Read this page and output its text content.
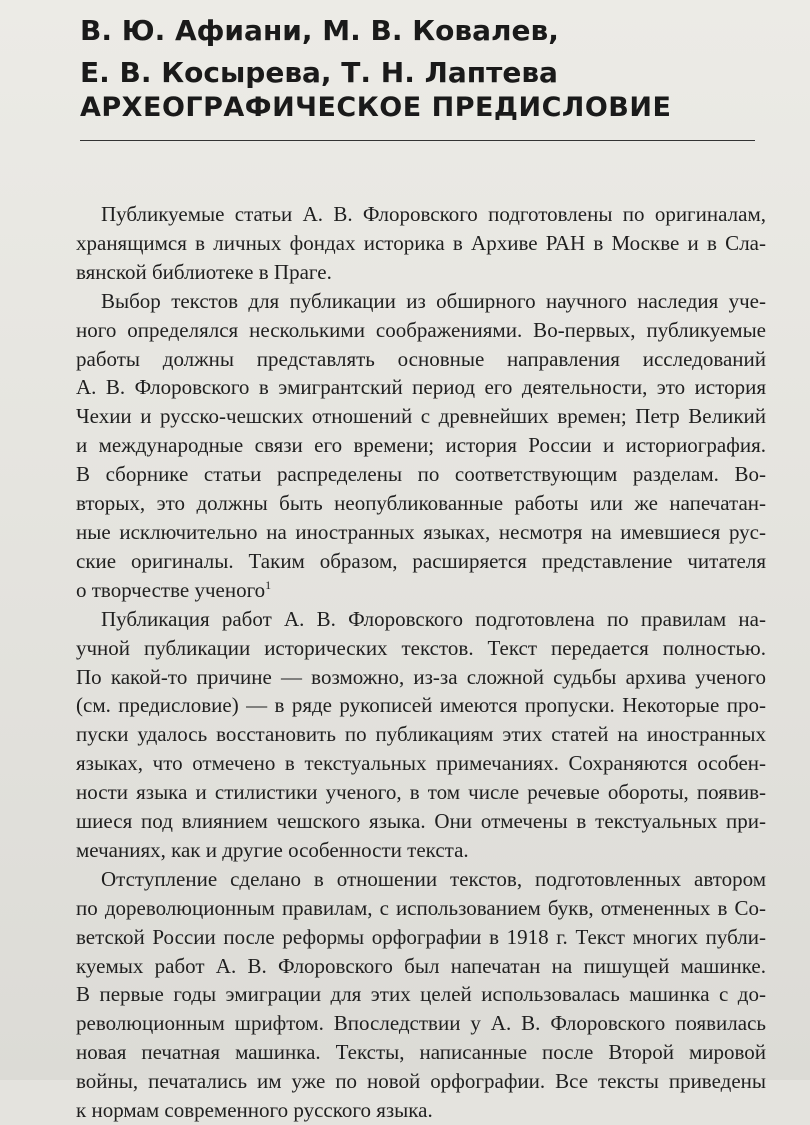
В. Ю. Афиани, М. В. Ковалев,
Е. В. Косырева, Т. Н. Лаптева
АРХЕОГРАФИЧЕСКОЕ ПРЕДИСЛОВИЕ
Публикуемые статьи А. В. Флоровского подготовлены по оригиналам,
хранящимся в личных фондах историка в Архиве РАН в Москве и в Сла-
вянской библиотеке в Праге.
Выбор текстов для публикации из обширного научного наследия уче-
ного определялся несколькими соображениями. Во-первых, публикуемые
работы должны представлять основные направления исследований
А. В. Флоровского в эмигрантский период его деятельности, это история
Чехии и русско-чешских отношений с древнейших времен; Петр Великий
и международные связи его времени; история России и историография.
В сборнике статьи распределены по соответствующим разделам. Во-
вторых, это должны быть неопубликованные работы или же напечатан-
ные исключительно на иностранных языках, несмотря на имевшиеся рус-
ские оригиналы. Таким образом, расширяется представление читателя
о творчестве ученого$^1$
Публикация работ А. В. Флоровского подготовлена по правилам на-
учной публикации исторических текстов. Текст передается полностью.
По какой-то причине — возможно, из-за сложной судьбы архива ученого
(см. предисловие) — в ряде рукописей имеются пропуски. Некоторые про-
пуски удалось восстановить по публикациям этих статей на иностранных
языках, что отмечено в текстуальных примечаниях. Сохраняются особен-
ности языка и стилистики ученого, в том числе речевые обороты, появив-
шиеся под влиянием чешского языка. Они отмечены в текстуальных при-
мечаниях, как и другие особенности текста.
Отступление сделано в отношении текстов, подготовленных автором
по дореволюционным правилам, с использованием букв, отмененных в Со-
ветской России после реформы орфографии в 1918 г. Текст многих публи-
куемых работ А. В. Флоровского был напечатан на пишущей машинке.
В первые годы эмиграции для этих целей использовалась машинка с до-
революционным шрифтом. Впоследствии у А. В. Флоровского появилась
новая печатная машинка. Тексты, написанные после Второй мировой
войны, печатались им уже по новой орфографии. Все тексты приведены
к нормам современного русского языка.
